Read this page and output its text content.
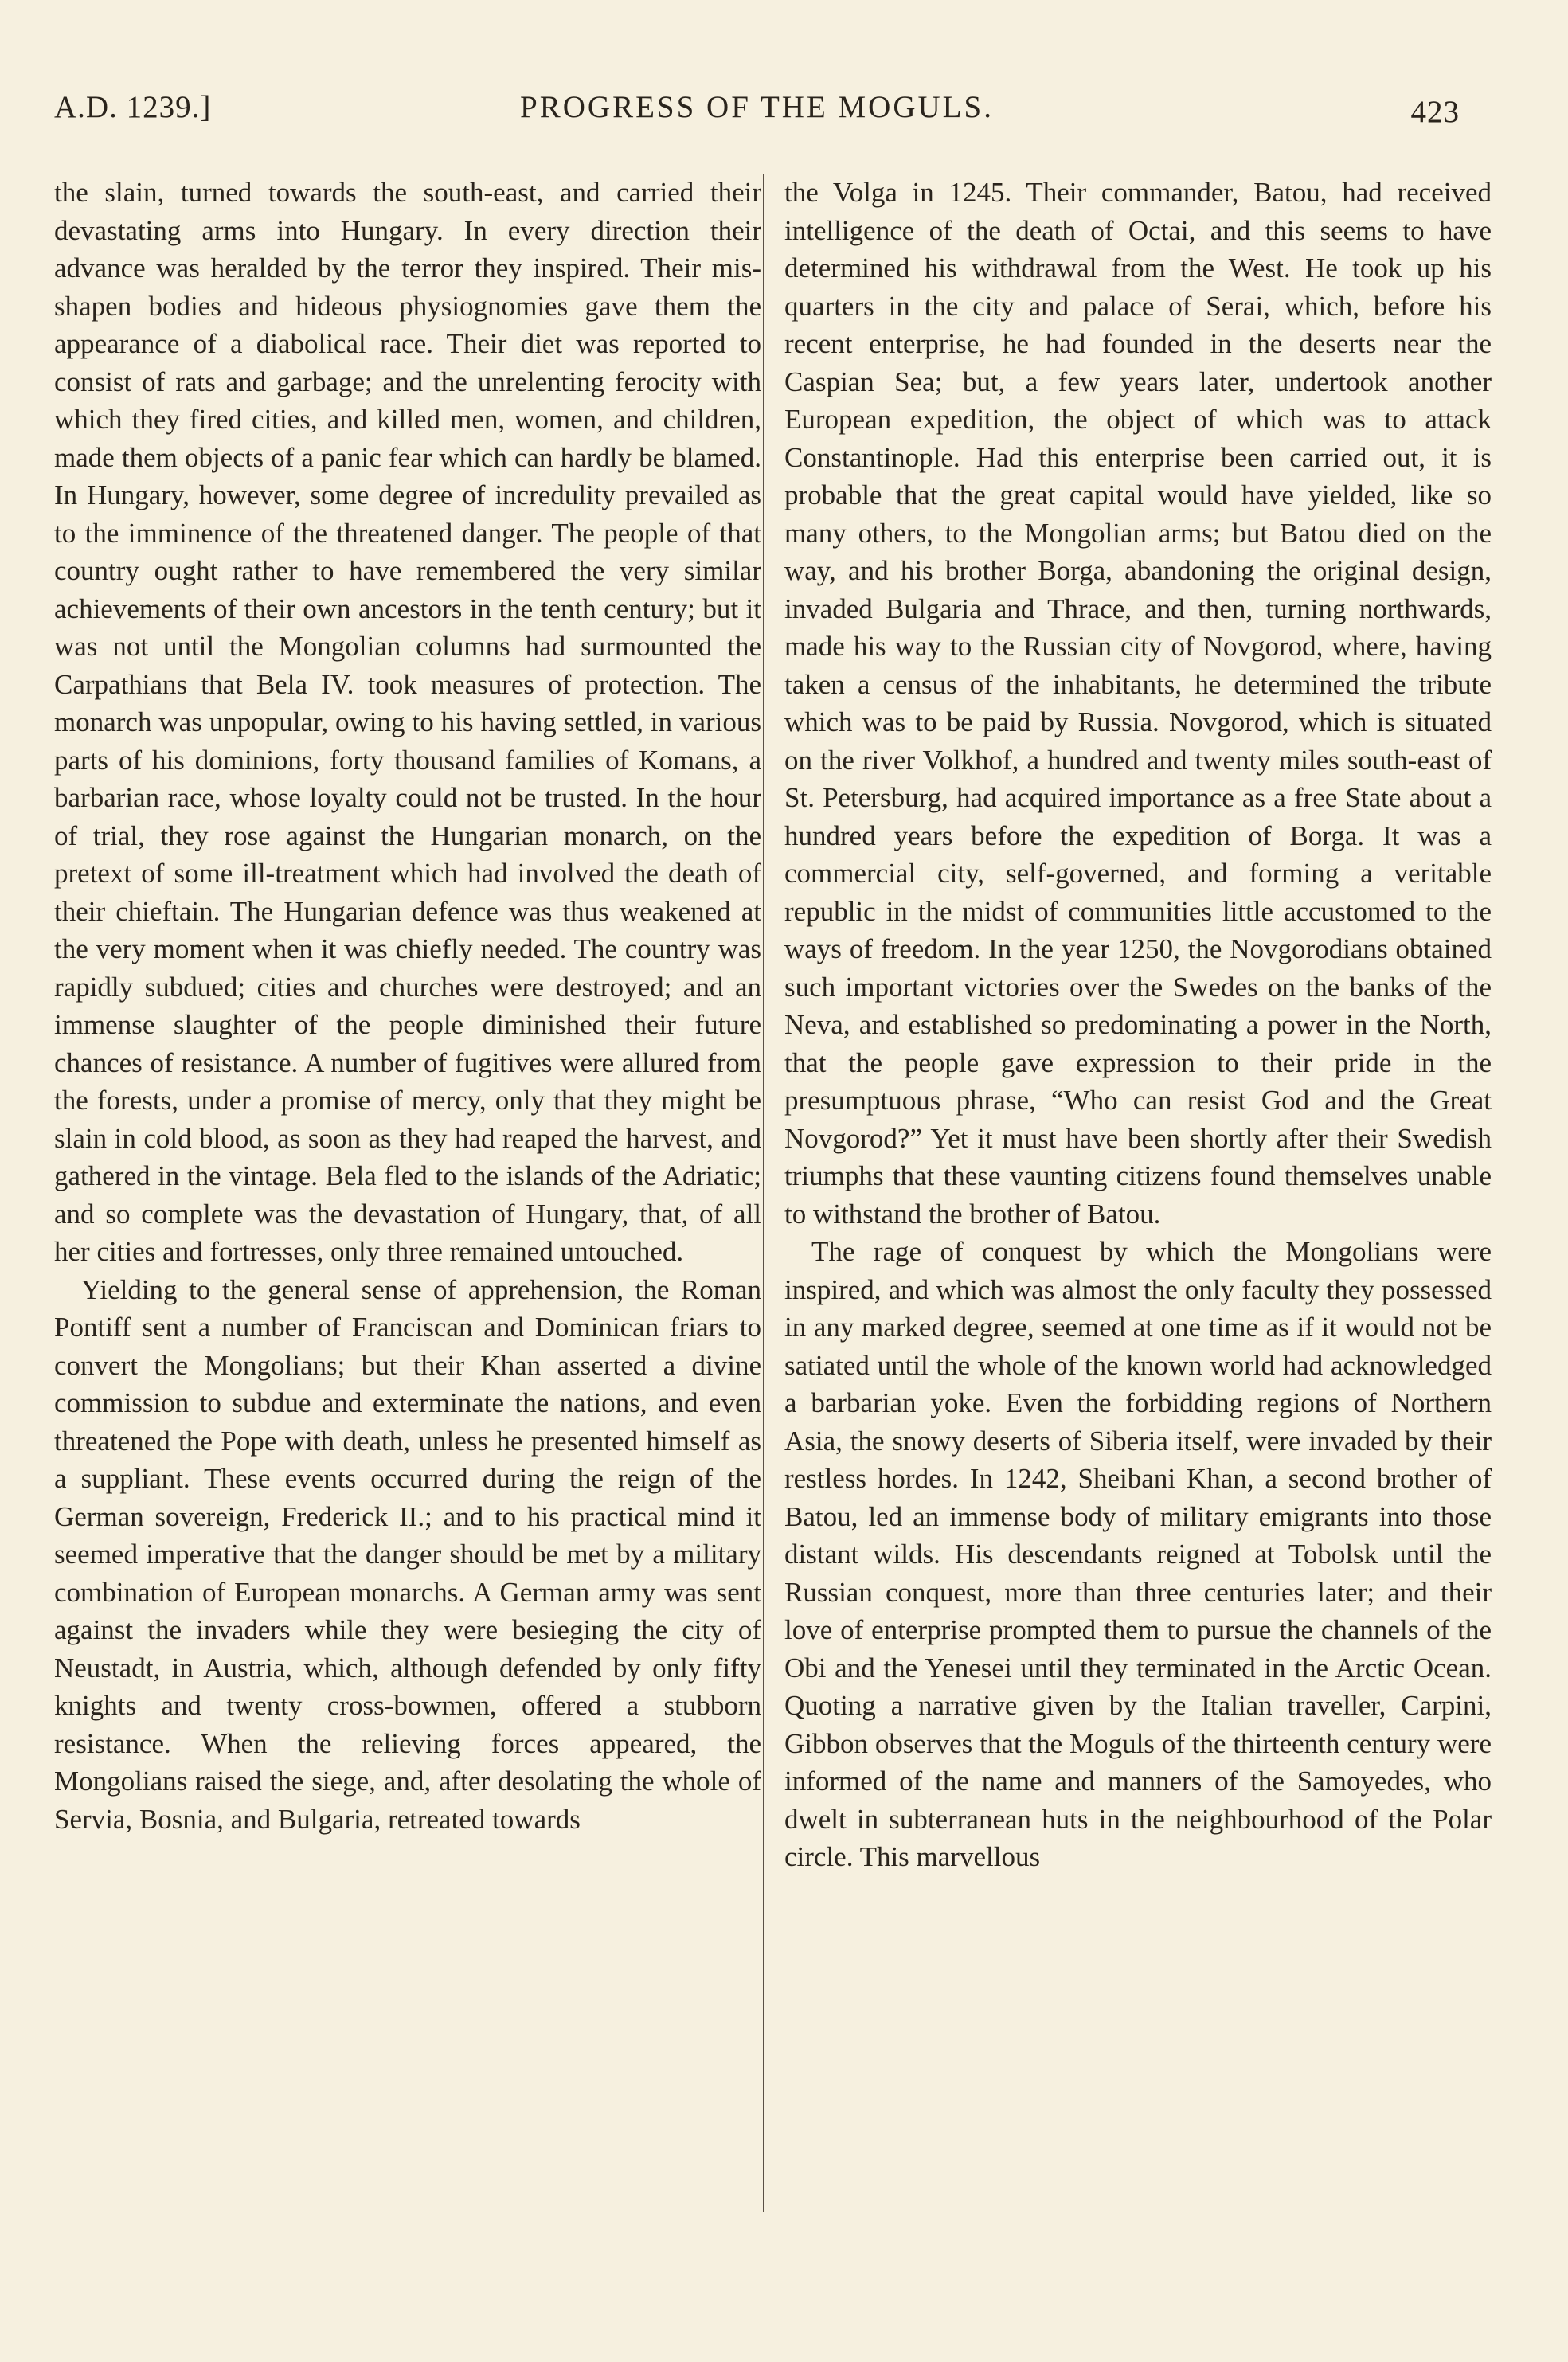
A.D. 1239.]	PROGRESS OF THE MOGULS.	423

the slain, turned towards the south-east, and carried their devastating arms into Hungary. In every direction their advance was heralded by the terror they inspired. Their mis-shapen bodies and hideous physiognomies gave them the appearance of a diabolical race. Their diet was reported to consist of rats and garbage; and the unrelenting ferocity with which they fired cities, and killed men, women, and children, made them objects of a panic fear which can hardly be blamed. In Hungary, however, some degree of incredulity prevailed as to the imminence of the threatened danger. The people of that country ought rather to have remembered the very similar achievements of their own ancestors in the tenth century; but it was not until the Mongolian columns had surmounted the Carpathians that Bela IV. took measures of protection. The monarch was unpopular, owing to his having settled, in various parts of his dominions, forty thousand families of Komans, a barbarian race, whose loyalty could not be trusted. In the hour of trial, they rose against the Hungarian monarch, on the pretext of some ill-treatment which had involved the death of their chieftain. The Hungarian defence was thus weakened at the very moment when it was chiefly needed. The country was rapidly subdued; cities and churches were destroyed; and an immense slaughter of the people diminished their future chances of resistance. A number of fugitives were allured from the forests, under a promise of mercy, only that they might be slain in cold blood, as soon as they had reaped the harvest, and gathered in the vintage. Bela fled to the islands of the Adriatic; and so complete was the devastation of Hungary, that, of all her cities and fortresses, only three remained untouched.

Yielding to the general sense of apprehension, the Roman Pontiff sent a number of Franciscan and Dominican friars to convert the Mongolians; but their Khan asserted a divine commission to subdue and exterminate the nations, and even threatened the Pope with death, unless he presented himself as a suppliant. These events occurred during the reign of the German sovereign, Frederick II.; and to his practical mind it seemed imperative that the danger should be met by a military combination of European monarchs. A German army was sent against the invaders while they were besieging the city of Neustadt, in Austria, which, although defended by only fifty knights and twenty cross-bowmen, offered a stubborn resistance. When the relieving forces appeared, the Mongolians raised the siege, and, after desolating the whole of Servia, Bosnia, and Bulgaria, retreated towards

the Volga in 1245. Their commander, Batou, had received intelligence of the death of Octai, and this seems to have determined his withdrawal from the West. He took up his quarters in the city and palace of Serai, which, before his recent enterprise, he had founded in the deserts near the Caspian Sea; but, a few years later, undertook another European expedition, the object of which was to attack Constantinople. Had this enterprise been carried out, it is probable that the great capital would have yielded, like so many others, to the Mongolian arms; but Batou died on the way, and his brother Borga, abandoning the original design, invaded Bulgaria and Thrace, and then, turning northwards, made his way to the Russian city of Novgorod, where, having taken a census of the inhabitants, he determined the tribute which was to be paid by Russia. Novgorod, which is situated on the river Volkhof, a hundred and twenty miles south-east of St. Petersburg, had acquired importance as a free State about a hundred years before the expedition of Borga. It was a commercial city, self-governed, and forming a veritable republic in the midst of communities little accustomed to the ways of freedom. In the year 1250, the Novgorodians obtained such important victories over the Swedes on the banks of the Neva, and established so predominating a power in the North, that the people gave expression to their pride in the presumptuous phrase, “Who can resist God and the Great Novgorod?” Yet it must have been shortly after their Swedish triumphs that these vaunting citizens found themselves unable to withstand the brother of Batou.

The rage of conquest by which the Mongolians were inspired, and which was almost the only faculty they possessed in any marked degree, seemed at one time as if it would not be satiated until the whole of the known world had acknowledged a barbarian yoke. Even the forbidding regions of Northern Asia, the snowy deserts of Siberia itself, were invaded by their restless hordes. In 1242, Sheibani Khan, a second brother of Batou, led an immense body of military emigrants into those distant wilds. His descendants reigned at Tobolsk until the Russian conquest, more than three centuries later; and their love of enterprise prompted them to pursue the channels of the Obi and the Yenesei until they terminated in the Arctic Ocean. Quoting a narrative given by the Italian traveller, Carpini, Gibbon observes that the Moguls of the thirteenth century were informed of the name and manners of the Samoyedes, who dwelt in subterranean huts in the neighbourhood of the Polar circle. This marvellous
